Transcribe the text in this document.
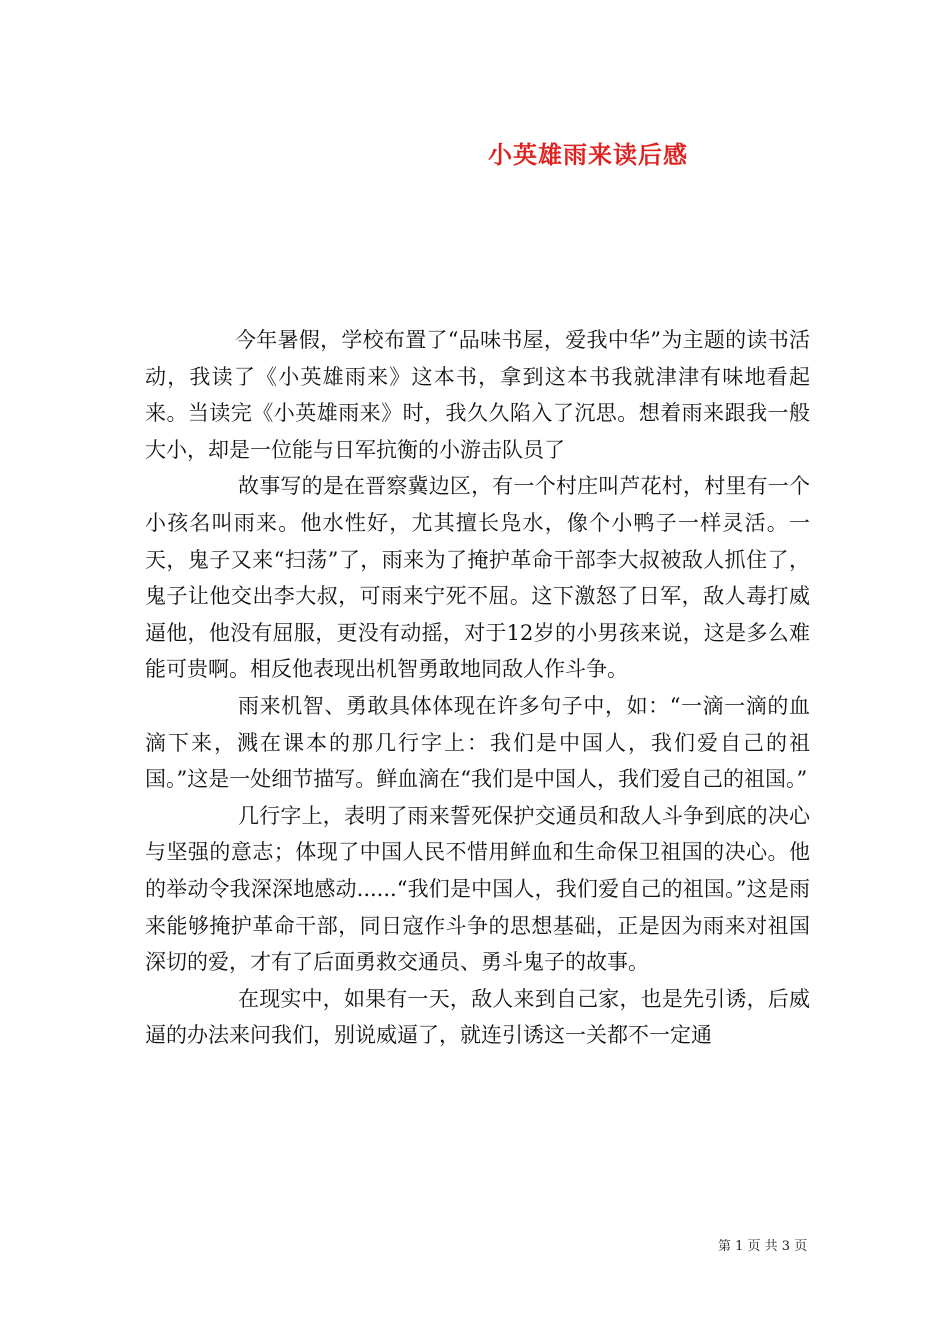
小英雄雨来读后感

今年暑假，学校布置了“品味书屋，爱我中华”为主题的读书活动，我读了《小英雄雨来》这本书，拿到这本书我就津津有味地看起来。当读完《小英雄雨来》时，我久久陷入了沉思。想着雨来跟我一般大小，却是一位能与日军抗衡的小游击队员了

故事写的是在晋察冀边区，有一个村庄叫芦花村，村里有一个小孩名叫雨来。他水性好，尤其擅长凫水，像个小鸭子一样灵活。一天，鬼子又来“扫荡”了，雨来为了掩护革命干部李大叔被敌人抓住了，鬼子让他交出李大叔，可雨来宁死不屈。这下激怒了日军，敌人毒打威逼他，他没有屈服，更没有动摇，对于12岁的小男孩来说，这是多么难能可贵啊。相反他表现出机智勇敢地同敌人作斗争。

雨来机智、勇敢具体体现在许多句子中，如：“一滴一滴的血滴下来，溅在课本的那几行字上：我们是中国人，我们爱自己的祖国。”这是一处细节描写。鲜血滴在“我们是中国人，我们爱自己的祖国。”

几行字上，表明了雨来誓死保护交通员和敌人斗争到底的决心与坚强的意志；体现了中国人民不惜用鲜血和生命保卫祖国的决心。他的举动令我深深地感动......“我们是中国人，我们爱自己的祖国。”这是雨来能够掩护革命干部，同日寇作斗争的思想基础，正是因为雨来对祖国深切的爱，才有了后面勇救交通员、勇斗鬼子的故事。

在现实中，如果有一天，敌人来到自己家，也是先引诱，后威逼的办法来问我们，别说威逼了，就连引诱这一关都不一定通

第 1 页 共 3 页
